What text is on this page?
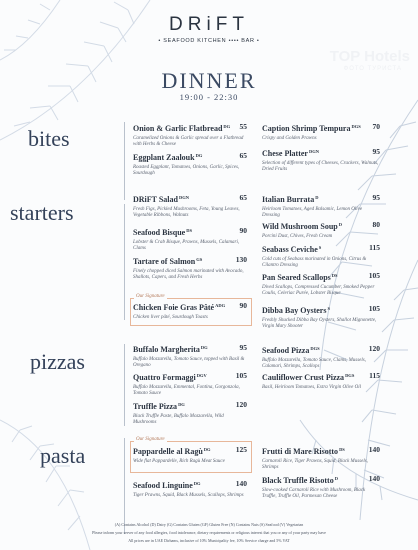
TOP Hotels
ФОТО ТУРИСТА
DRiFT
• SEAFOOD KITCHEN •••• BAR •
DINNER
19:00 - 22:30
bites
starters
pizzas
pasta
Onion & Garlic Flatbread$^{DG}$	55
Caramelized Onions & Garlic spread over a Flatbread with Herbs & Cheese
Eggplant Zaalouk$^{DG}$	65
Roasted Eggplant, Tomatoes, Onions, Garlic, Spices, Sourdough
Caption Shrimp Tempura$^{DGS}$	70
Crispy and Golden Prawns
Chese Platter$^{DGN}$	95
Selection of different types of Cheeses, Crackers, Walnuts, Dried Fruits
DRiFT Salad$^{DGN}$	65
Fresh Figs, Pickled Mushrooms, Feta, Young Leaves, Vegetable Ribbons, Walnuts
Seafood Bisque$^{DS}$	90
Lobster & Crab Bisque, Prawns, Mussels, Calamari, Clams
Tartare of Salmon$^{GS}$	130
Finely chopped diced Salmon marinated with Avocado, Shallots, Capers, and Fresh Herbs
Our Signature
Chicken Foie Gras Pâté$^{ADG}$	90
Chicken liver pâté, Sourdough Toasts
Italian Burrata$^D$	95
Heirloom Tomatoes, Aged Balsamic, Lemon Olive Dressing
Wild Mushroom Soup$^D$	80
Porcini Dust, Chives, Fresh Cream
Seabass Ceviche$^S$	115
Cold cuts of Seabass marinated in Onions, Citrus & Cilantro Dressing
Pan Seared Scallops$^{DS}$	105
Dived Scallops, Compressed Cucumber, Smoked Pepper Coulis, Celeriac Purée, Lobster Bisque
Dibba Bay Oysters$^S$	105
Freshly Shucked Dibba Bay Oysters, Shallot Mignonette, Virgin Mary Shooter
Buffalo Margherita$^{DG}$	95
Buffalo Mozzarella, Tomato Sauce, topped with Basil & Oregano
Quattro Formaggi$^{DGV}$	105
Buffalo Mozzarella, Emmental, Fontina, Gorgonzola, Tomato Sauce
Truffle Pizza$^{DG}$	120
Black Truffle Paste, Buffalo Mozzarella, Wild Mushrooms
Seafood Pizza$^{DGS}$	120
Buffalo Mozzarella, Tomato Sauce, Clams, Mussels, Calamari, Shrimps, Scallops
Cauliflower Crust Pizza$^{DGS}$	115
Basil, Heirloom Tomatoes, Extra Virgin Olive Oil
Our Signature
Pappardelle al Ragù$^{DG}$	125
Wide flat Pappardelle, Rich Ragù Meat Sauce
Seafood Linguine$^{DG}$	140
Tiger Prawns, Squid, Black Mussels, Scallops, Shrimps
Frutti di Mare Risotto$^{DS}$	140
Carnaroli Rice, Tiger Prawns, Squid, Black Mussels, Shrimps
Black Truffle Risotto$^D$	140
Slow-cooked Carnaroli Rice with Mushroom, Black Truffle, Truffle Oil, Parmesan Cheese
(A) Contains Alcohol (D) Dairy (G) Contains Gluten (GF) Gluten Free (N) Contains Nuts (S) Seafood (V) Vegetarian
Please inform your server of any food allergies, food intolerance, dietary requirements or religious interest that you or any of your party may have
All prices are in UAE Dirhams, inclusive of 10% Municipality fee, 10% Service charge and 5% VAT
